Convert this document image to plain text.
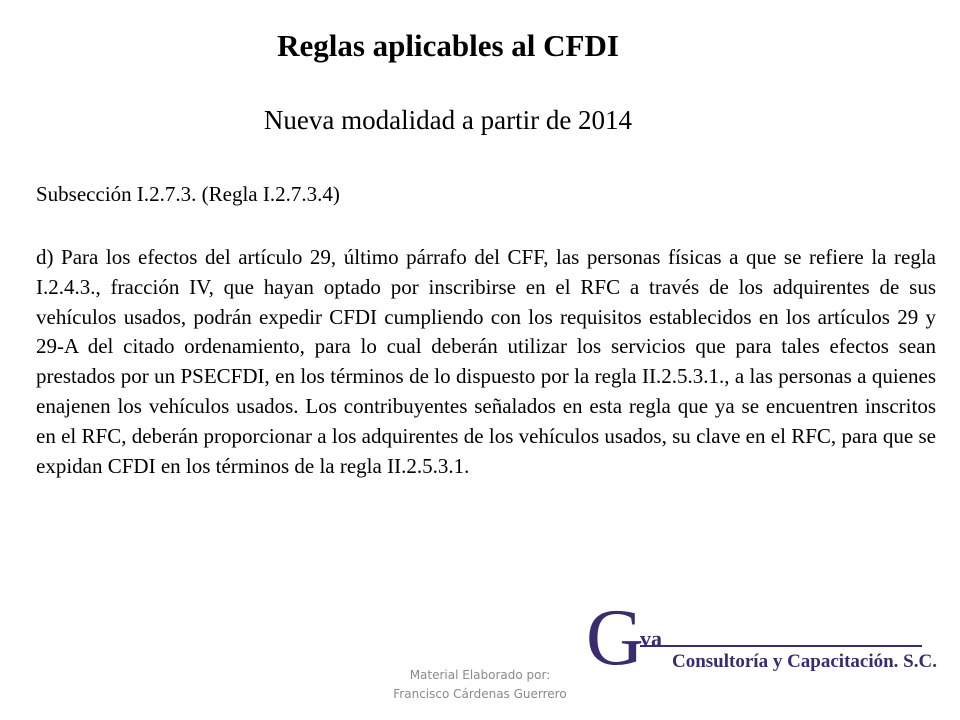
Reglas aplicables al CFDI
Nueva modalidad a partir de 2014

Subsección I.2.7.3. (Regla I.2.7.3.4)

d) Para los efectos del artículo 29, último párrafo del CFF, las personas físicas a que se refiere la regla I.2.4.3., fracción IV, que hayan optado por inscribirse en el RFC a través de los adquirentes de sus vehículos usados, podrán expedir CFDI cumpliendo con los requisitos establecidos en los artículos 29 y 29-A del citado ordenamiento, para lo cual deberán utilizar los servicios que para tales efectos sean prestados por un PSECFDI, en los términos de lo dispuesto por la regla II.2.5.3.1., a las personas a quienes enajenen los vehículos usados. Los contribuyentes señalados en esta regla que ya se encuentren inscritos en el RFC, deberán proporcionar a los adquirentes de los vehículos usados, su clave en el RFC, para que se expidan CFDI en los términos de la regla II.2.5.3.1.

Material Elaborado por:
Francisco Cárdenas Guerrero
G
va
Consultoría y Capacitación. S.C.
